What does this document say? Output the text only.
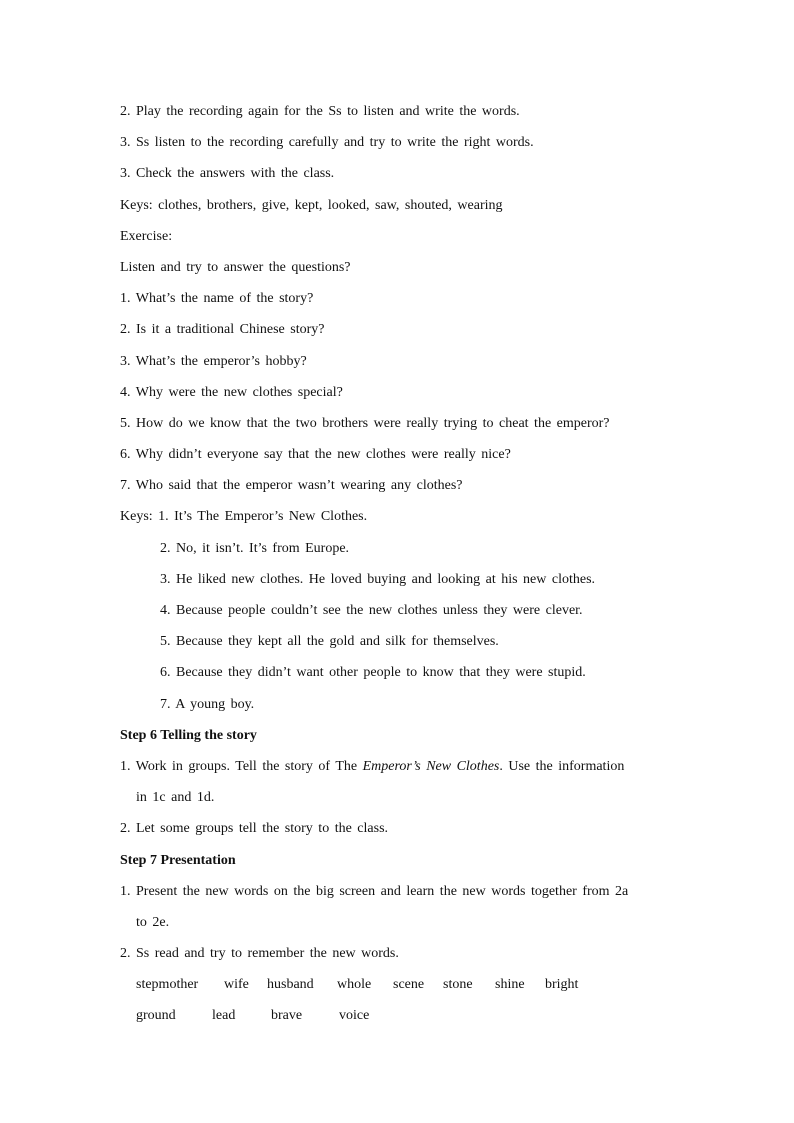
2. Play the recording again for the Ss to listen and write the words.
3. Ss listen to the recording carefully and try to write the right words.
3. Check the answers with the class.
Keys: clothes, brothers, give, kept, looked, saw, shouted, wearing
Exercise:
Listen and try to answer the questions?
1. What’s the name of the story?
2. Is it a traditional Chinese story?
3. What’s the emperor’s hobby?
4. Why were the new clothes special?
5. How do we know that the two brothers were really trying to cheat the emperor?
6. Why didn’t everyone say that the new clothes were really nice?
7. Who said that the emperor wasn’t wearing any clothes?
Keys: 1. It’s The Emperor’s New Clothes.
2. No, it isn’t. It’s from Europe.
3. He liked new clothes. He loved buying and looking at his new clothes.
4. Because people couldn’t see the new clothes unless they were clever.
5. Because they kept all the gold and silk for themselves.
6. Because they didn’t want other people to know that they were stupid.
7. A young boy.
Step 6 Telling the story
1. Work in groups. Tell the story of The Emperor’s New Clothes. Use the information
in 1c and 1d.
2. Let some groups tell the story to the class.
Step 7 Presentation
1. Present the new words on the big screen and learn the new words together from 2a
to 2e.
2. Ss read and try to remember the new words.
stepmother	wife	husband	whole	scene	stone	shine	bright
ground	lead	brave	voice
